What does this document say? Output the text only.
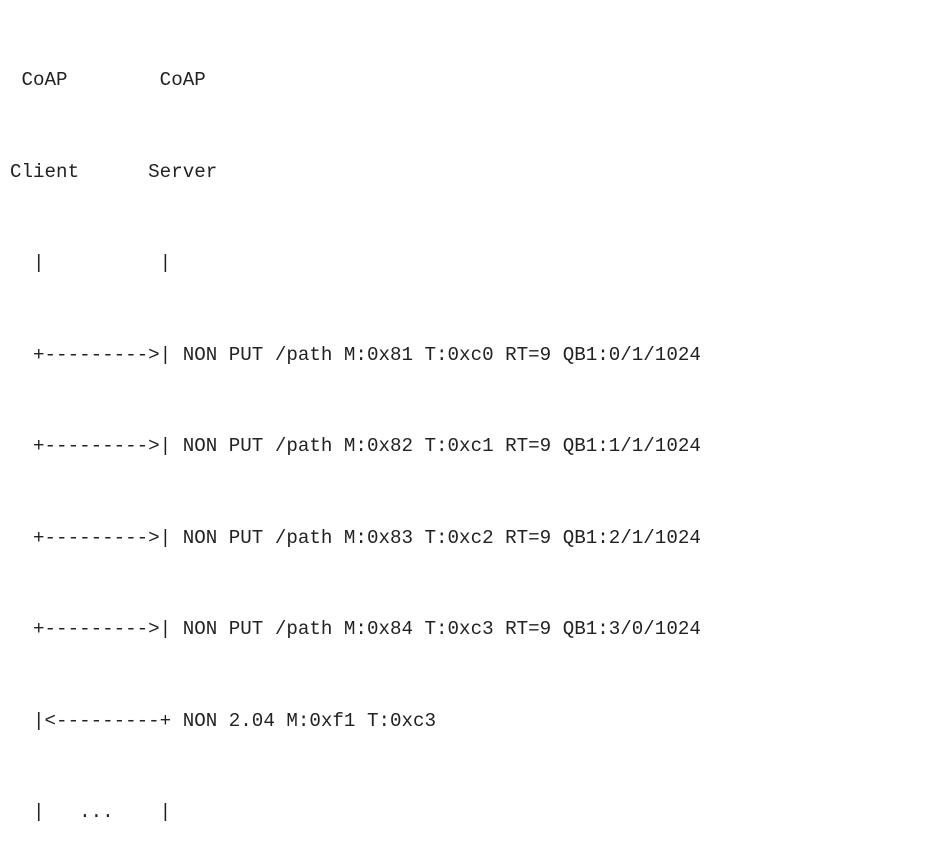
CoAP        CoAP

Client      Server

|          |

+--------->| NON PUT /path M:0x81 T:0xc0 RT=9 QB1:0/1/1024

+--------->| NON PUT /path M:0x82 T:0xc1 RT=9 QB1:1/1/1024

+--------->| NON PUT /path M:0x83 T:0xc2 RT=9 QB1:2/1/1024

+--------->| NON PUT /path M:0x84 T:0xc3 RT=9 QB1:3/0/1024

|<---------+ NON 2.04 M:0xf1 T:0xc3

|   ...    |
